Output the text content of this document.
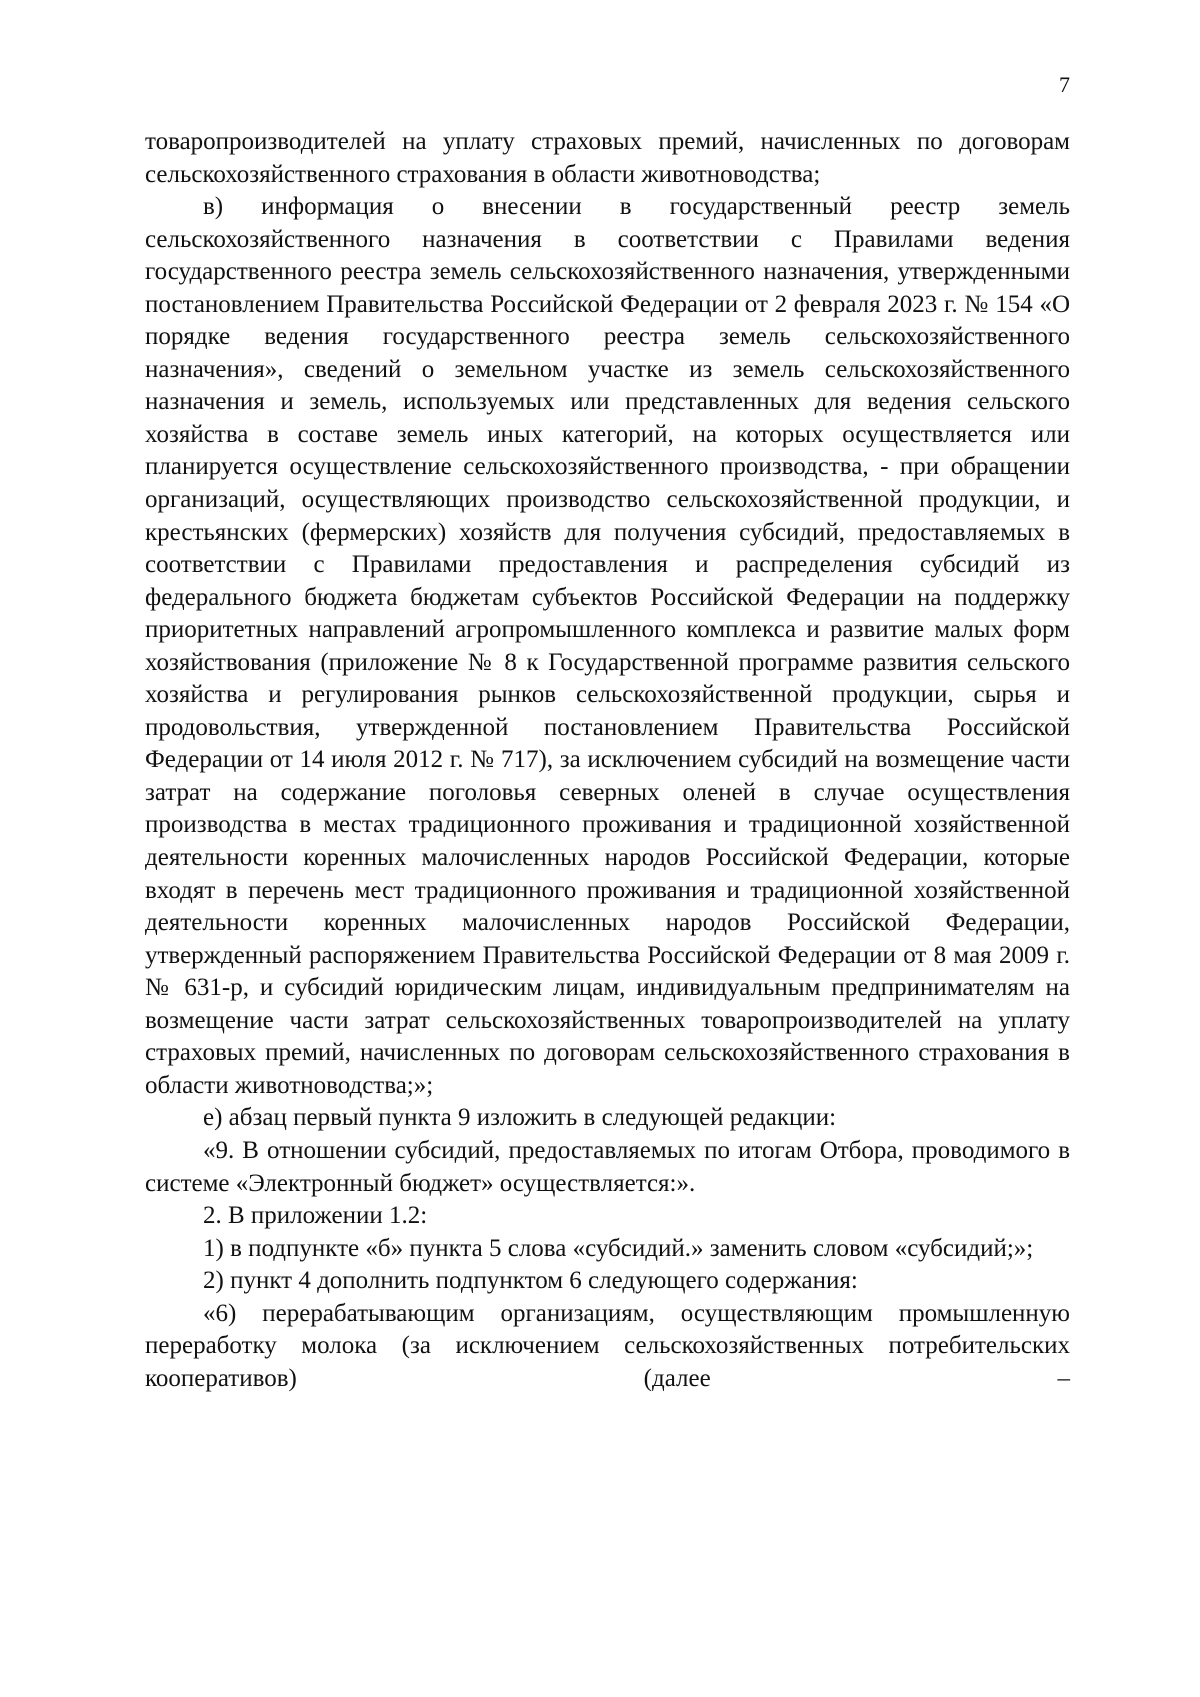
7

товаропроизводителей на уплату страховых премий, начисленных по договорам сельскохозяйственного страхования в области животноводства;

в) информация о внесении в государственный реестр земель сельскохозяйственного назначения в соответствии с Правилами ведения государственного реестра земель сельскохозяйственного назначения, утвержденными постановлением Правительства Российской Федерации от 2 февраля 2023 г. № 154 «О порядке ведения государственного реестра земель сельскохозяйственного назначения», сведений о земельном участке из земель сельскохозяйственного назначения и земель, используемых или представленных для ведения сельского хозяйства в составе земель иных категорий, на которых осуществляется или планируется осуществление сельскохозяйственного производства, - при обращении организаций, осуществляющих производство сельскохозяйственной продукции, и крестьянских (фермерских) хозяйств для получения субсидий, предоставляемых в соответствии с Правилами предоставления и распределения субсидий из федерального бюджета бюджетам субъектов Российской Федерации на поддержку приоритетных направлений агропромышленного комплекса и развитие малых форм хозяйствования (приложение № 8 к Государственной программе развития сельского хозяйства и регулирования рынков сельскохозяйственной продукции, сырья и продовольствия, утвержденной постановлением Правительства Российской Федерации от 14 июля 2012 г. № 717), за исключением субсидий на возмещение части затрат на содержание поголовья северных оленей в случае осуществления производства в местах традиционного проживания и традиционной хозяйственной деятельности коренных малочисленных народов Российской Федерации, которые входят в перечень мест традиционного проживания и традиционной хозяйственной деятельности коренных малочисленных народов Российской Федерации, утвержденный распоряжением Правительства Российской Федерации от 8 мая 2009 г. № 631-р, и субсидий юридическим лицам, индивидуальным предпринимателям на возмещение части затрат сельскохозяйственных товаропроизводителей на уплату страховых премий, начисленных по договорам сельскохозяйственного страхования в области животноводства;»;

е) абзац первый пункта 9 изложить в следующей редакции:

«9. В отношении субсидий, предоставляемых по итогам Отбора, проводимого в системе «Электронный бюджет» осуществляется:».

2. В приложении 1.2:

1) в подпункте «б» пункта 5 слова «субсидий.» заменить словом «субсидий;»;

2) пункт 4 дополнить подпунктом 6 следующего содержания:

«6) перерабатывающим организациям, осуществляющим промышленную переработку молока (за исключением сельскохозяйственных потребительских кооперативов) (далее –
